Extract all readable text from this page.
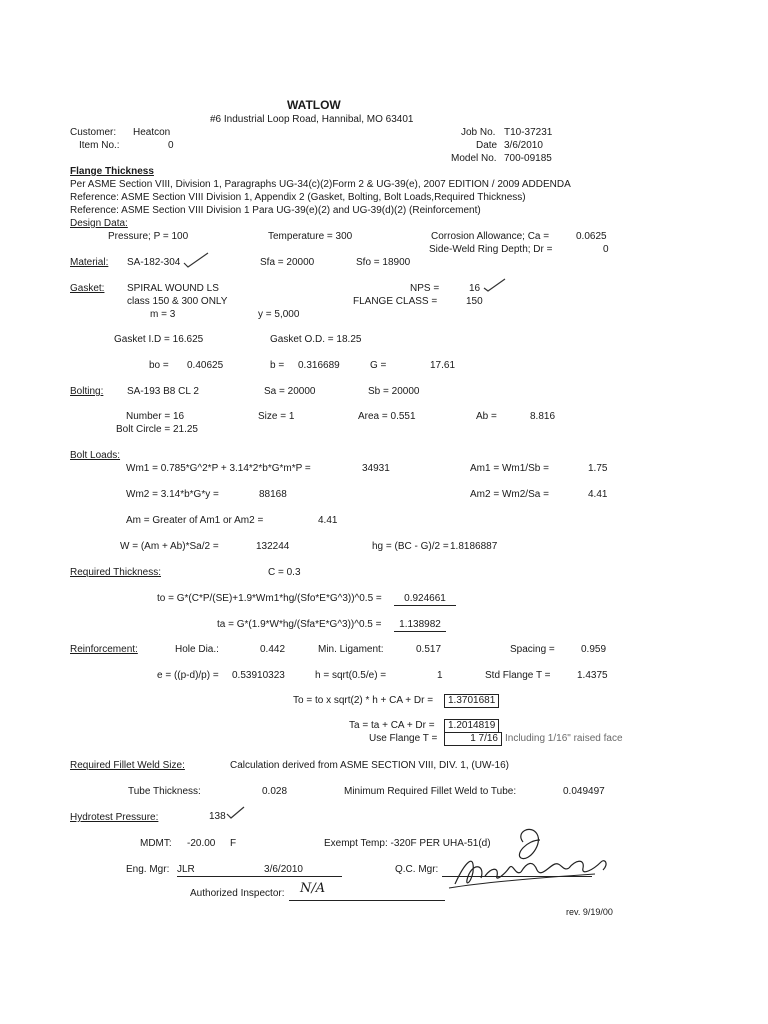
WATLOW
#6 Industrial Loop Road, Hannibal, MO 63401
Customer: Heatcon
Item No.:	0
Job No. T10-37231
Date 3/6/2010
Model No. 700-09185
Flange Thickness
Per ASME Section VIII, Division 1, Paragraphs UG-34(c)(2)Form 2 & UG-39(e), 2007 EDITION / 2009 ADDENDA
Reference: ASME Section VIII Division 1, Appendix 2 (Gasket, Bolting, Bolt Loads,Required Thickness)
Reference: ASME Section VIII Division 1 Para UG-39(e)(2) and UG-39(d)(2) (Reinforcement)
Design Data:
Pressure; P = 100	Temperature = 300	Corrosion Allowance; Ca =	0.0625
Side-Weld Ring Depth; Dr =	0
Material: SA-182-304	Sfa = 20000	Sfo = 18900
Gasket: SPIRAL WOUND LS
class 150 & 300 ONLY
m = 3	y = 5,000
NPS =	16
FLANGE CLASS =	150
Gasket I.D = 16.625	Gasket O.D. = 18.25
bo = 0.40625	b = 0.316689	G =	17.61
Bolting: SA-193 B8 CL 2	Sa = 20000	Sb = 20000
Number = 16	Size = 1	Area = 0.551	Ab =	8.816
Bolt Circle = 21.25
Bolt Loads:
Wm1 = 0.785*G^2*P + 3.14*2*b*G*m*P =	34931	Am1 = Wm1/Sb =	1.75
Wm2 = 3.14*b*G*y =	88168	Am2 = Wm2/Sa =	4.41
Am = Greater of Am1 or Am2 =	4.41
W = (Am + Ab)*Sa/2 =	132244	hg = (BC - G)/2 = 1.8186887
Required Thickness:	C = 0.3
to = G*(C*P/(SE)+1.9*Wm1*hg/(Sfo*E*G^3))^0.5 =	0.924661
ta = G*(1.9*W*hg/(Sfa*E*G^3))^0.5 =	1.138982
Reinforcement:	Hole Dia.:	0.442	Min. Ligament:	0.517	Spacing =	0.959
e = ((p-d)/p) = 0.53910323	h = sqrt(0.5/e) =	1	Std Flange T =	1.4375
To = to x sqrt(2) * h + CA + Dr =	1.3701681
Ta = ta + CA + Dr =	1.2014819
Use Flange T =	1 7/16 Including 1/16" raised face
Required Fillet Weld Size:	Calculation derived from ASME SECTION VIII, DIV. 1, (UW-16)
Tube Thickness:	0.028	Minimum Required Fillet Weld to Tube:	0.049497
Hydrotest Pressure:	138
MDMT: -20.00 F	Exempt Temp: -320F PER UHA-51(d)
Eng. Mgr: JLR	3/6/2010	Q.C. Mgr:
Authorized Inspector: N/A
rev. 9/19/00
